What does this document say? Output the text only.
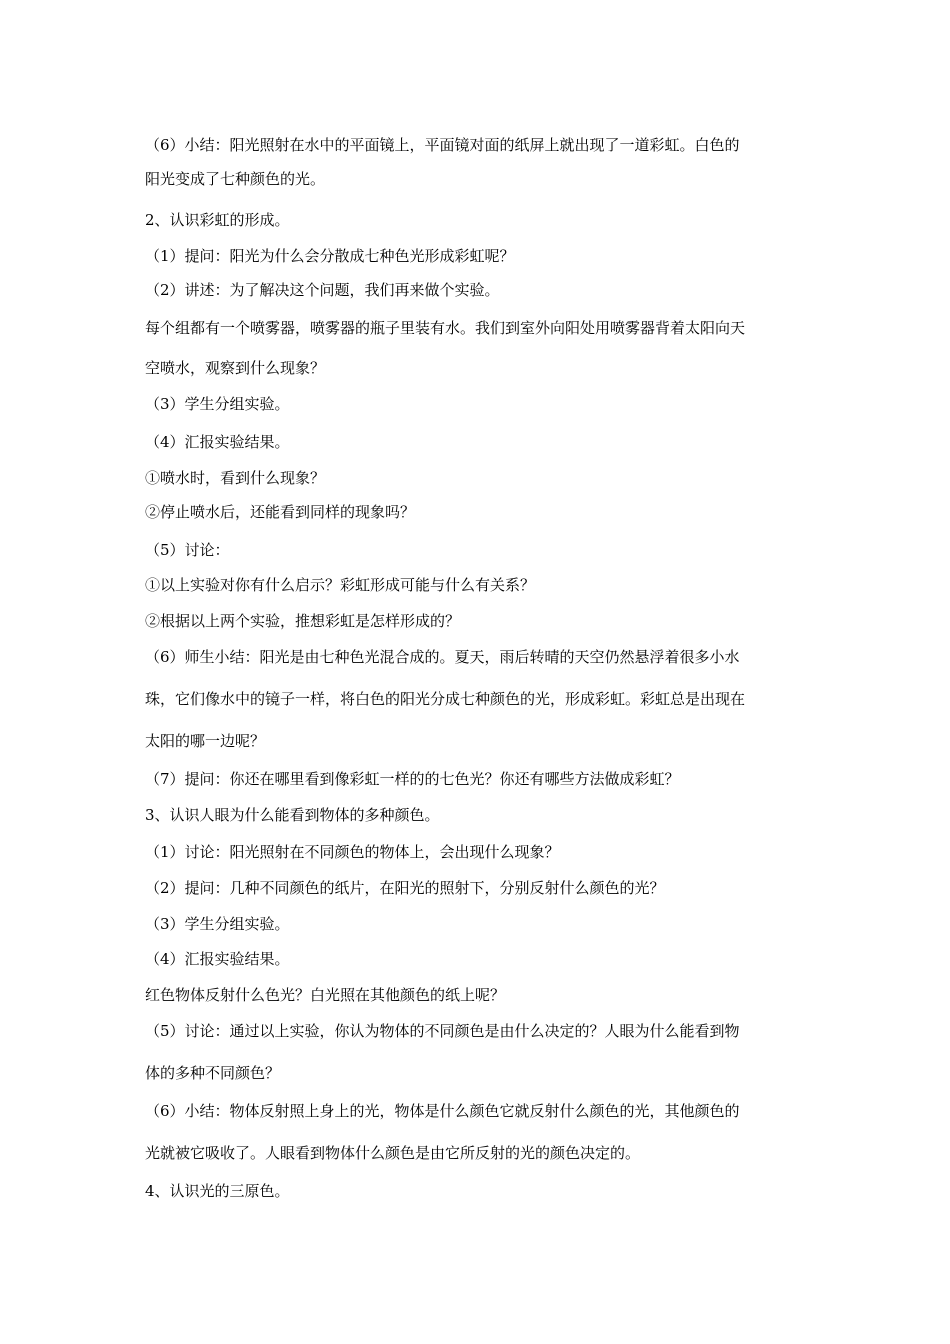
（6）小结：阳光照射在水中的平面镜上，平面镜对面的纸屏上就出现了一道彩虹。白色的
阳光变成了七种颜色的光。
2、认识彩虹的形成。
（1）提问：阳光为什么会分散成七种色光形成彩虹呢？
（2）讲述：为了解决这个问题，我们再来做个实验。
每个组都有一个喷雾器，喷雾器的瓶子里装有水。我们到室外向阳处用喷雾器背着太阳向天
空喷水，观察到什么现象？
（3）学生分组实验。
（4）汇报实验结果。
①喷水时，看到什么现象？
②停止喷水后，还能看到同样的现象吗？
（5）讨论：
①以上实验对你有什么启示？彩虹形成可能与什么有关系？
②根据以上两个实验，推想彩虹是怎样形成的？
（6）师生小结：阳光是由七种色光混合成的。夏天，雨后转晴的天空仍然悬浮着很多小水
珠，它们像水中的镜子一样，将白色的阳光分成七种颜色的光，形成彩虹。彩虹总是出现在
太阳的哪一边呢？
（7）提问：你还在哪里看到像彩虹一样的的七色光？你还有哪些方法做成彩虹？
3、认识人眼为什么能看到物体的多种颜色。
（1）讨论：阳光照射在不同颜色的物体上，会出现什么现象？
（2）提问：几种不同颜色的纸片，在阳光的照射下，分别反射什么颜色的光？
（3）学生分组实验。
（4）汇报实验结果。
红色物体反射什么色光？白光照在其他颜色的纸上呢？
（5）讨论：通过以上实验，你认为物体的不同颜色是由什么决定的？人眼为什么能看到物
体的多种不同颜色？
（6）小结：物体反射照上身上的光，物体是什么颜色它就反射什么颜色的光，其他颜色的
光就被它吸收了。人眼看到物体什么颜色是由它所反射的光的颜色决定的。
4、认识光的三原色。
